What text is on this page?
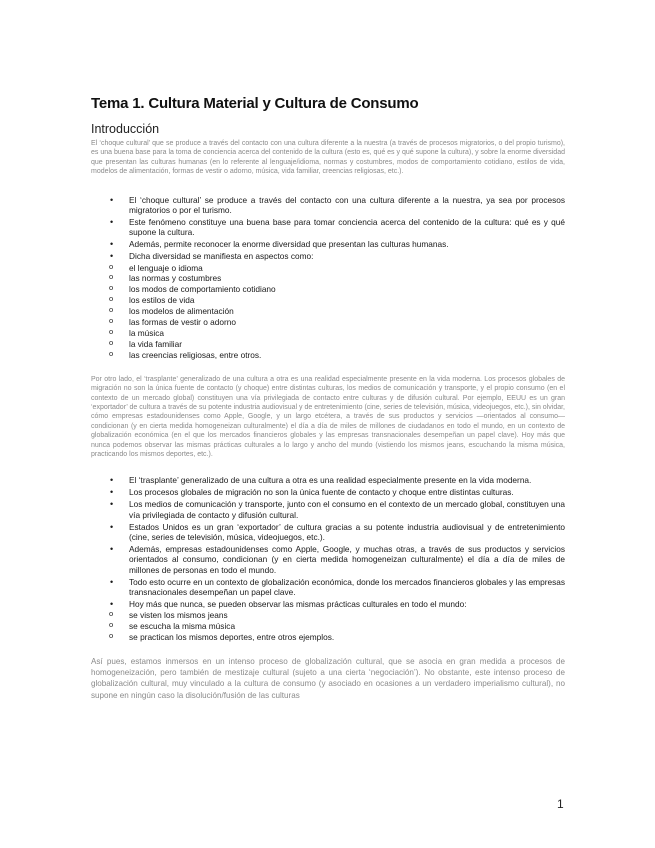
Tema 1. Cultura Material y Cultura de Consumo
Introducción

El ‘choque cultural’ que se produce a través del contacto con una cultura diferente a la nuestra (a través de procesos migratorios, o del propio turismo), es una buena base para la toma de conciencia acerca del contenido de la cultura (esto es, qué es y qué supone la cultura), y sobre la enorme diversidad que presentan las culturas humanas (en lo referente al lenguaje/idioma, normas y costumbres, modos de comportamiento cotidiano, estilos de vida, modelos de alimentación, formas de vestir o adorno, música, vida familiar, creencias religiosas, etc.).

• El ‘choque cultural’ se produce a través del contacto con una cultura diferente a la nuestra, ya sea por procesos migratorios o por el turismo.
• Este fenómeno constituye una buena base para tomar conciencia acerca del contenido de la cultura: qué es y qué supone la cultura.
• Además, permite reconocer la enorme diversidad que presentan las culturas humanas.
• Dicha diversidad se manifiesta en aspectos como:
o el lenguaje o idioma
o las normas y costumbres
o los modos de comportamiento cotidiano
o los estilos de vida
o los modelos de alimentación
o las formas de vestir o adorno
o la música
o la vida familiar
o las creencias religiosas, entre otros.

Por otro lado, el ‘trasplante’ generalizado de una cultura a otra es una realidad especialmente presente en la vida moderna. Los procesos globales de migración no son la única fuente de contacto (y choque) entre distintas culturas, los medios de comunicación y transporte, y el propio consumo (en el contexto de un mercado global) constituyen una vía privilegiada de contacto entre culturas y de difusión cultural. Por ejemplo, EEUU es un gran ‘exportador’ de cultura a través de su potente industria audiovisual y de entretenimiento (cine, series de televisión, música, videojuegos, etc.), sin olvidar, cómo empresas estadounidenses como Apple, Google, y un largo etcétera, a través de sus productos y servicios —orientados al consumo— condicionan (y en cierta medida homogeneizan culturalmente) el día a día de miles de millones de ciudadanos en todo el mundo, en un contexto de globalización económica (en el que los mercados financieros globales y las empresas transnacionales desempeñan un papel clave). Hoy más que nunca podemos observar las mismas prácticas culturales a lo largo y ancho del mundo (vistiendo los mismos jeans, escuchando la misma música, practicando los mismos deportes, etc.).

• El ‘trasplante’ generalizado de una cultura a otra es una realidad especialmente presente en la vida moderna.
• Los procesos globales de migración no son la única fuente de contacto y choque entre distintas culturas.
• Los medios de comunicación y transporte, junto con el consumo en el contexto de un mercado global, constituyen una vía privilegiada de contacto y difusión cultural.
• Estados Unidos es un gran ‘exportador’ de cultura gracias a su potente industria audiovisual y de entretenimiento (cine, series de televisión, música, videojuegos, etc.).
• Además, empresas estadounidenses como Apple, Google, y muchas otras, a través de sus productos y servicios orientados al consumo, condicionan (y en cierta medida homogeneizan culturalmente) el día a día de miles de millones de personas en todo el mundo.
• Todo esto ocurre en un contexto de globalización económica, donde los mercados financieros globales y las empresas transnacionales desempeñan un papel clave.
• Hoy más que nunca, se pueden observar las mismas prácticas culturales en todo el mundo:
o se visten los mismos jeans
o se escucha la misma música
o se practican los mismos deportes, entre otros ejemplos.

Así pues, estamos inmersos en un intenso proceso de globalización cultural, que se asocia en gran medida a procesos de homogeneización, pero también de mestizaje cultural (sujeto a una cierta ‘negociación’). No obstante, este intenso proceso de globalización cultural, muy vinculado a la cultura de consumo (y asociado en ocasiones a un verdadero imperialismo cultural), no supone en ningún caso la disolución/fusión de las culturas

1
